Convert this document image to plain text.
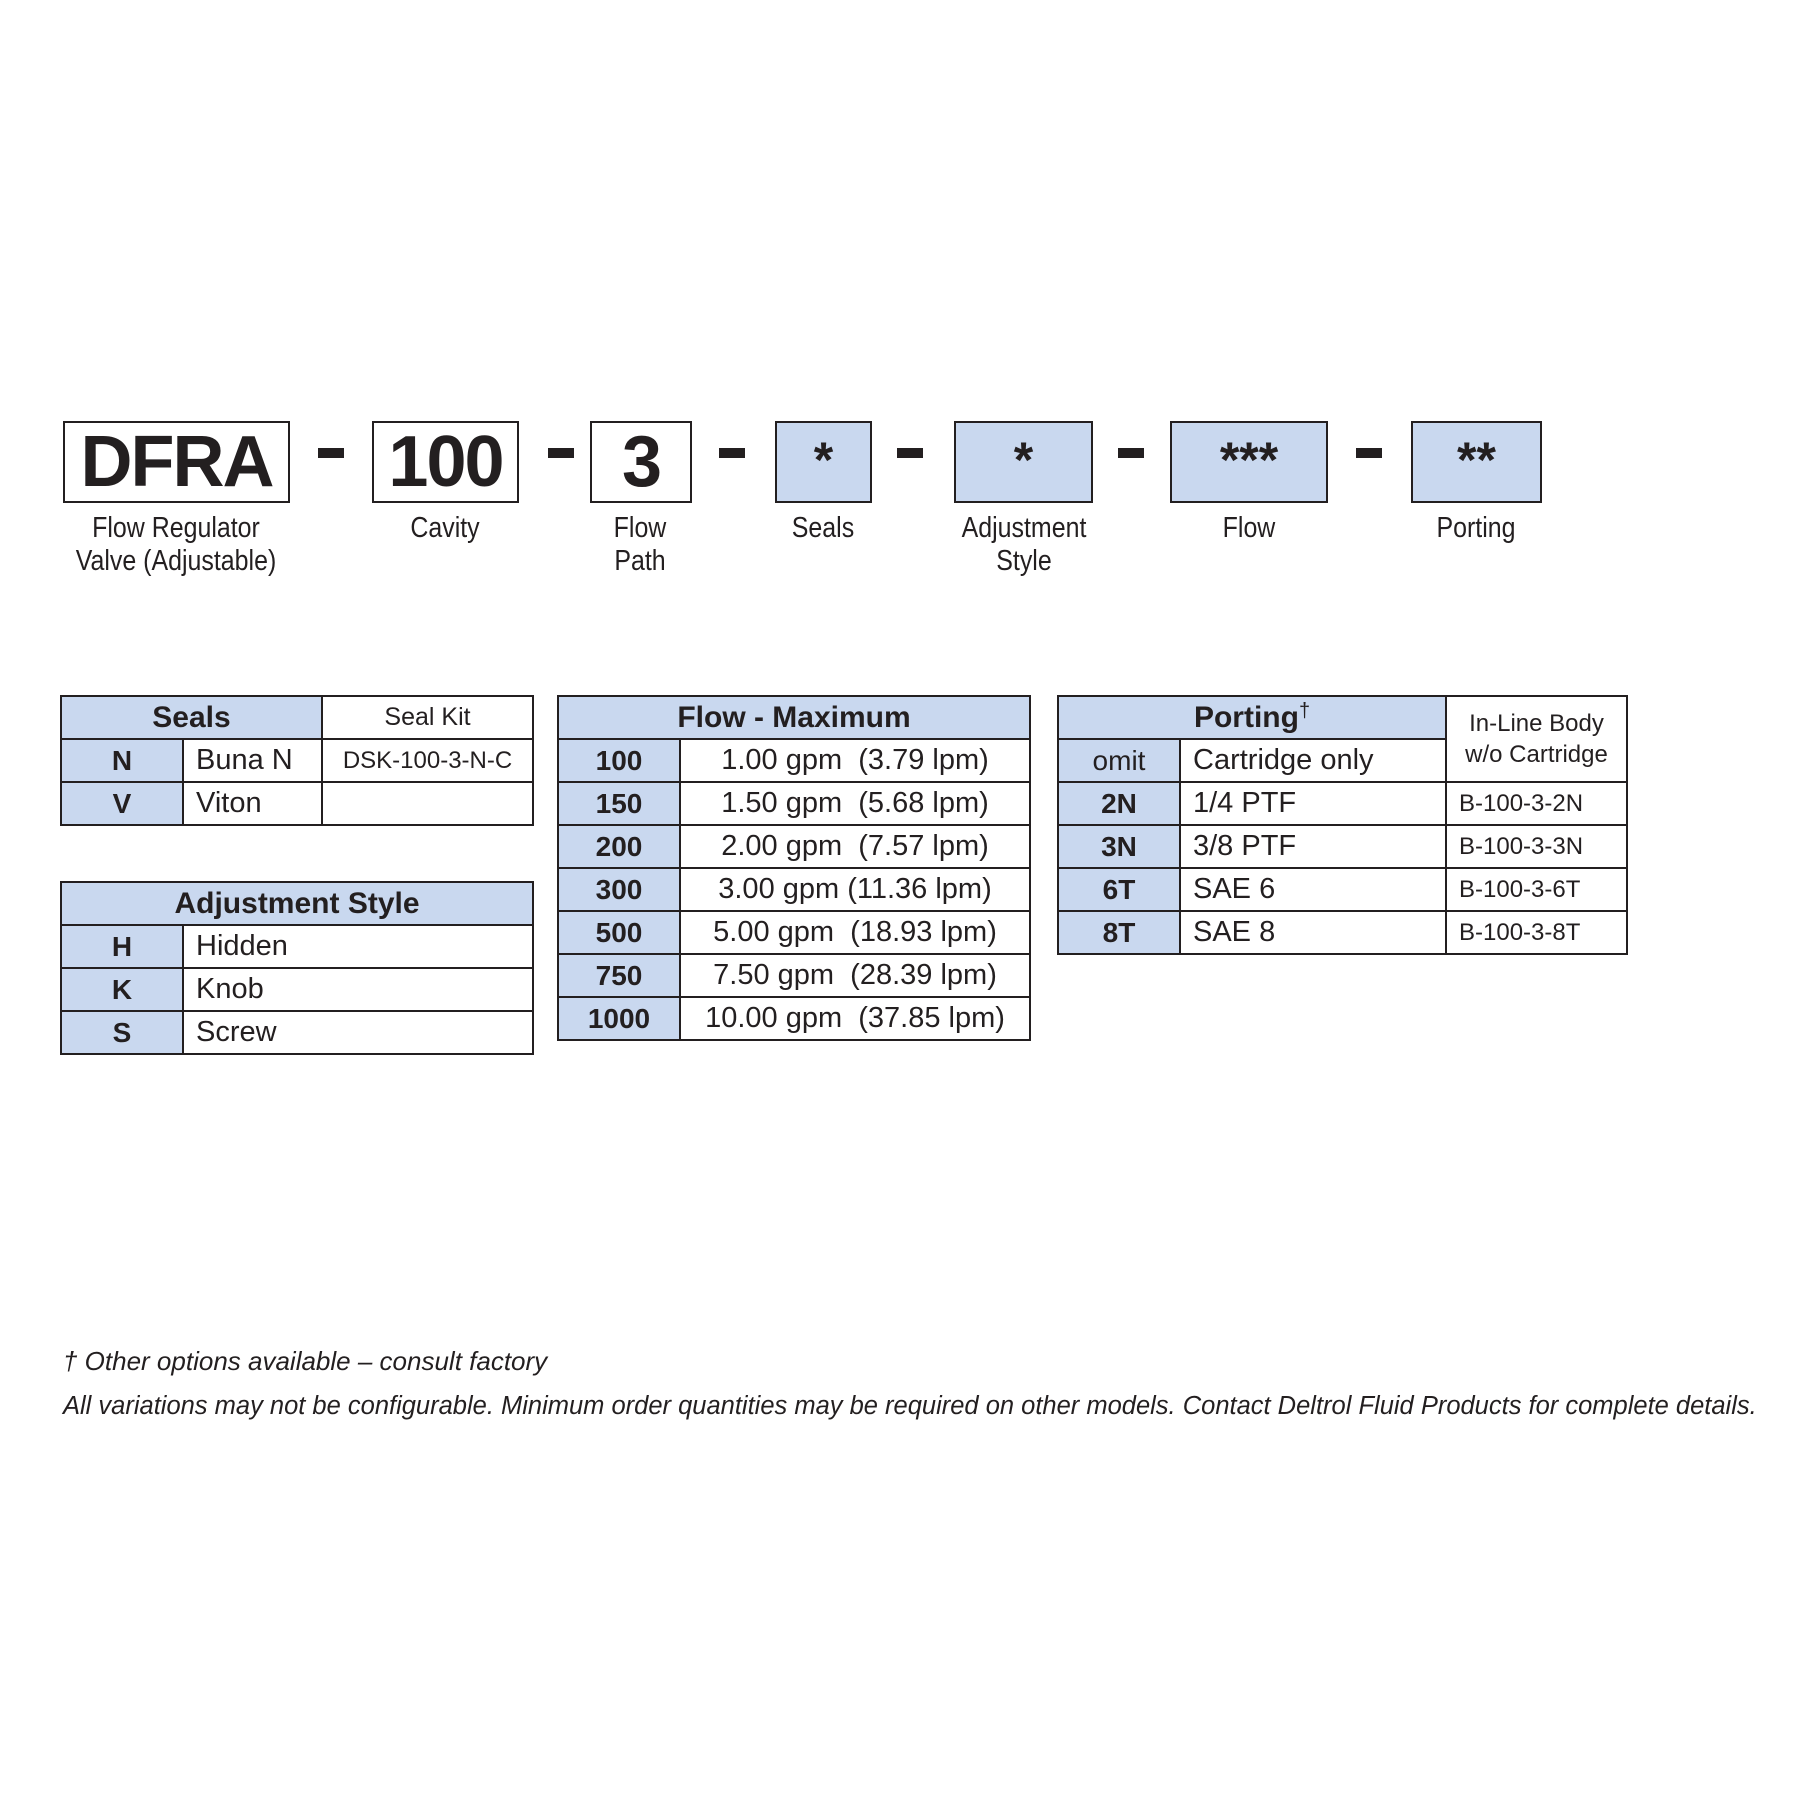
DFRA 100	3	*	*	***	**
Flow Regulator
Valve (Adjustable)
Cavity	Flow
Path
Seals	Adjustment
Style
Flow	Porting
Seals		Seal Kit
N	Buna N	DSK-100-3-N-C
V	Viton	
Adjustment Style	
H	Hidden
K	Knob
S	Screw
Flow - Maximum	
100	1.00 gpm  (3.79 lpm)
150	1.50 gpm  (5.68 lpm)
200	2.00 gpm  (7.57 lpm)
300	3.00 gpm (11.36 lpm)
500	5.00 gpm  (18.93 lpm)
750	7.50 gpm  (28.39 lpm)
1000	10.00 gpm  (37.85 lpm)
Porting†		In-Line Body
w/o Cartridge

omit	Cartridge only	
2N	1/4 PTF	B-100-3-2N
3N	3/8 PTF	B-100-3-3N
6T	SAE 6	B-100-3-6T
8T	SAE 8	B-100-3-8T
† Other options available – consult factory
All variations may not be configurable. Minimum order quantities may be required on other models. Contact Deltrol Fluid Products for complete details.
